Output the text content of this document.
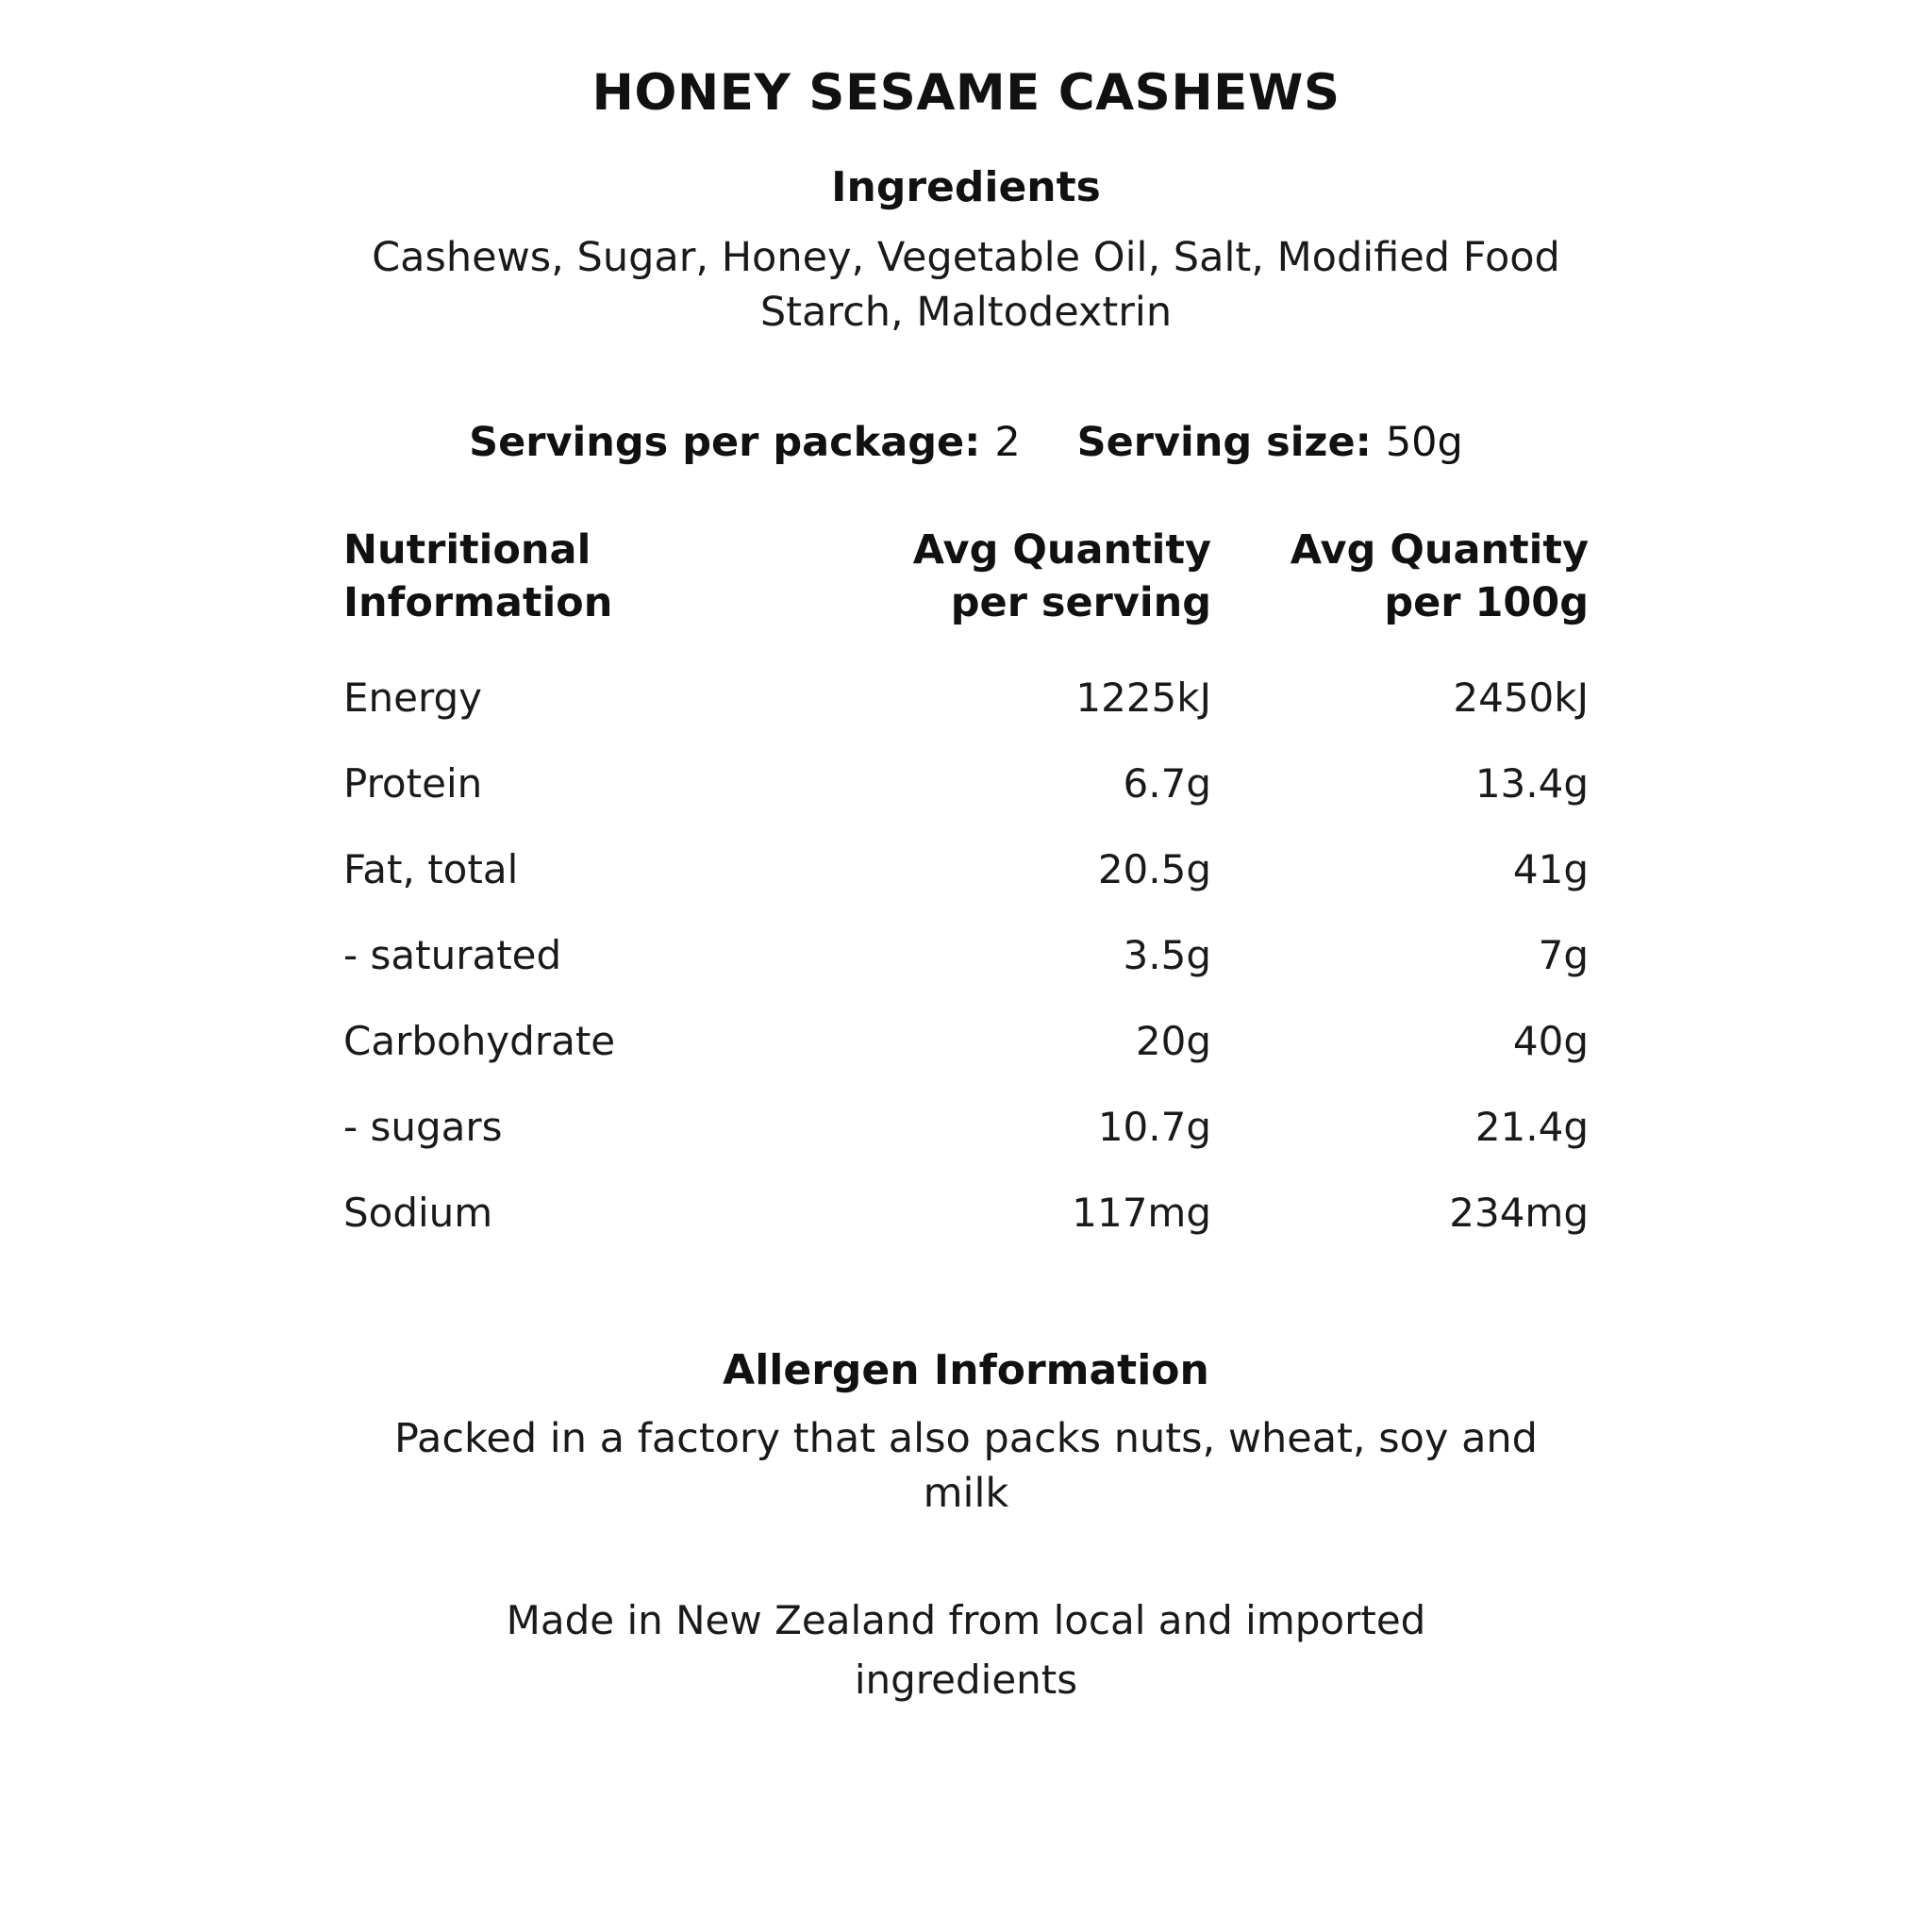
HONEY SESAME CASHEWS
Ingredients
Cashews, Sugar, Honey, Vegetable Oil, Salt, Modified Food Starch, Maltodextrin
Servings per package: 2 Serving size: 50g
Nutritional Information	Avg Quantity per serving	Avg Quantity per 100g
Energy	1225kJ	2450kJ
Protein	6.7g	13.4g
Fat, total	20.5g	41g
- saturated	3.5g	7g
Carbohydrate	20g	40g
- sugars	10.7g	21.4g
Sodium	117mg	234mg
Allergen Information
Packed in a factory that also packs nuts, wheat, soy and milk
Made in New Zealand from local and imported ingredients
